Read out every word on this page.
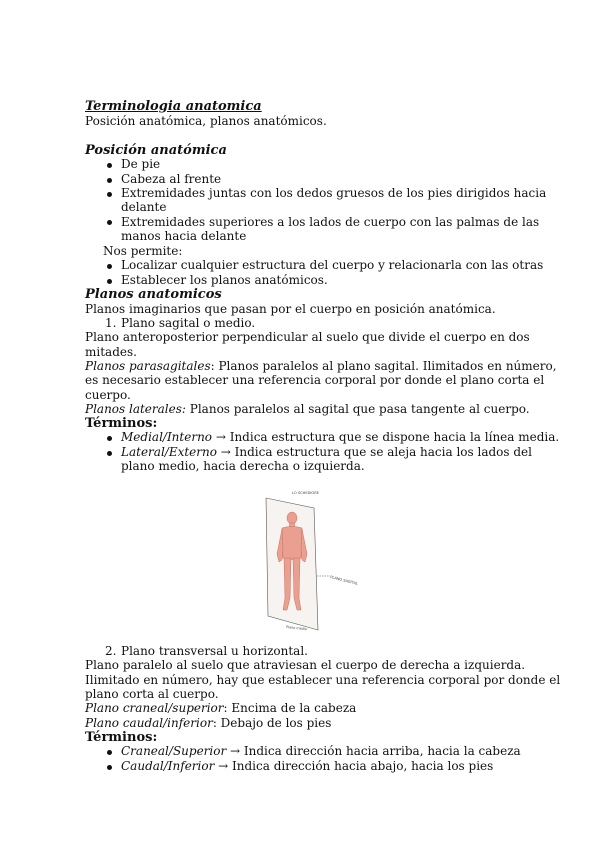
Terminologia anatomica
Posición anatómica, planos anatómicos.
Posición anatómica
De pie
Cabeza al frente
Extremidades juntas con los dedos gruesos de los pies dirigidos hacia
delante
Extremidades superiores a los lados de cuerpo con las palmas de las
manos hacia delante
Nos permite:
Localizar cualquier estructura del cuerpo y relacionarla con las otras
Establecer los planos anatómicos.
Planos anatomicos
Planos imaginarios que pasan por el cuerpo en posición anatómica.
1. Plano sagital o medio.
Plano anteroposterior perpendicular al suelo que divide el cuerpo en dos
mitades.
Planos parasagitales: Planos paralelos al plano sagital. Ilimitados en número,
es necesario establecer una referencia corporal por donde el plano corta el
cuerpo.
Planos laterales: Planos paralelos al sagital que pasa tangente al cuerpo.
Términos:
Medial/Interno → Indica estructura que se dispone hacia la línea media.
Lateral/Externo → Indica estructura que se aleja hacia los lados del
plano medio, hacia derecha o izquierda.
LO SCHEDIGRE
PLANO SAGITAL
Plano medio
2. Plano transversal u horizontal.
Plano paralelo al suelo que atraviesan el cuerpo de derecha a izquierda.
Ilimitado en número, hay que establecer una referencia corporal por donde el
plano corta al cuerpo.
Plano craneal/superior: Encima de la cabeza
Plano caudal/inferior: Debajo de los pies
Términos:
Craneal/Superior → Indica dirección hacia arriba, hacia la cabeza
Caudal/Inferior → Indica dirección hacia abajo, hacia los pies
